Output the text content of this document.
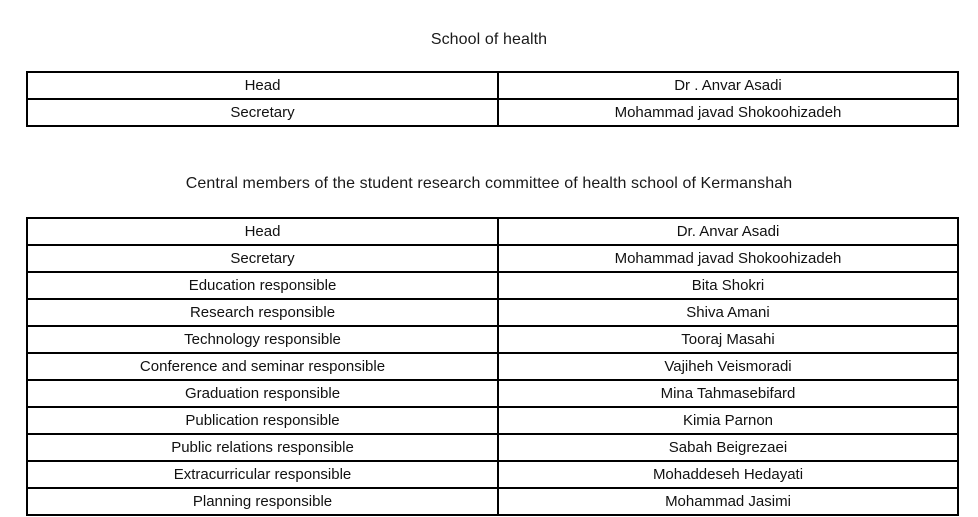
School of health
Head	Dr . Anvar Asadi
Secretary	Mohammad javad Shokoohizadeh
Central members of the student research committee of health school of Kermanshah
Head	Dr. Anvar Asadi
Secretary	Mohammad javad Shokoohizadeh
Education responsible	Bita Shokri
Research responsible	Shiva Amani
Technology responsible	Tooraj Masahi
Conference and seminar responsible	Vajiheh Veismoradi
Graduation responsible	Mina Tahmasebifard
Publication responsible	Kimia Parnon
Public relations responsible	Sabah Beigrezaei
Extracurricular responsible	Mohaddeseh Hedayati
Planning responsible	Mohammad Jasimi
